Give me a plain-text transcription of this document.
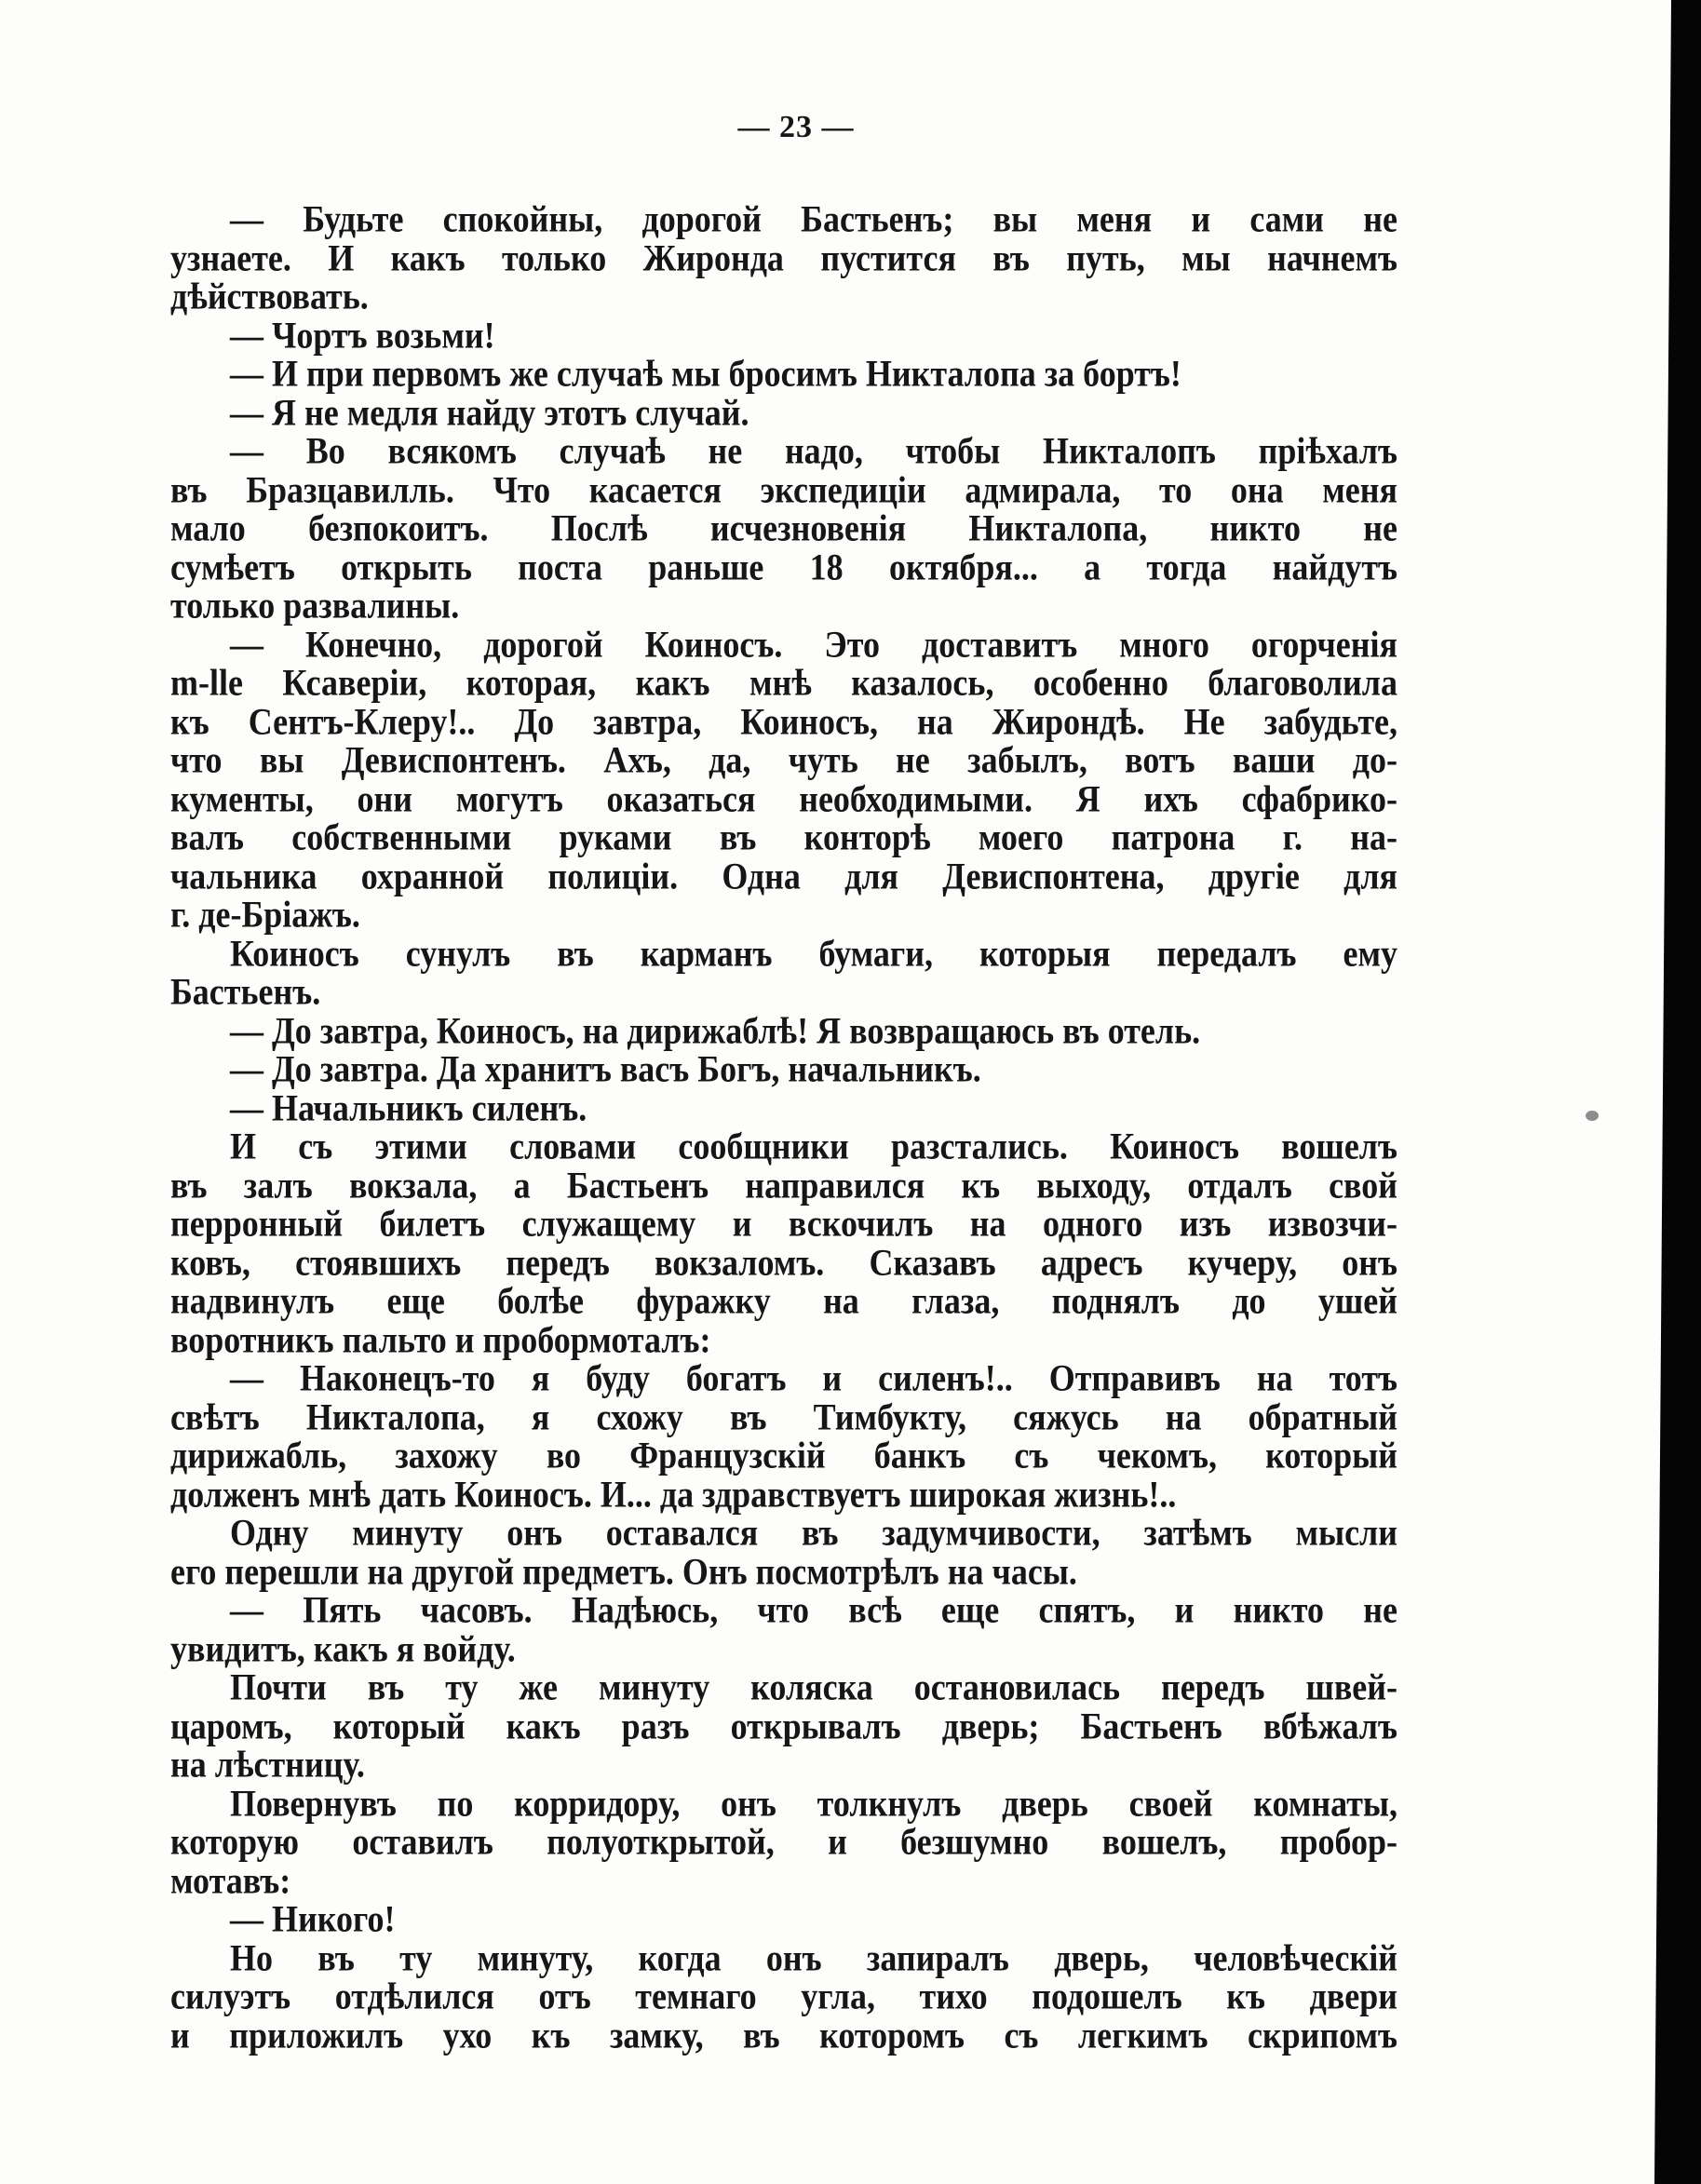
— 23 —
— Будьте спокойны, дорогой Бастьенъ; вы меня и сами не
узнаете. И какъ только Жиронда пустится въ путь, мы начнемъ
дѣйствовать.
— Чортъ возьми!
— И при первомъ же случаѣ мы бросимъ Никталопа за бортъ!
— Я не медля найду этотъ случай.
— Во всякомъ случаѣ не надо, чтобы Никталопъ пріѣхалъ
въ Бразцавилль. Что касается экспедиціи адмирала, то она меня
мало безпокоитъ. Послѣ исчезновенія Никталопа, никто не
сумѣетъ открыть поста раньше 18 октября... а тогда найдутъ
только развалины.
— Конечно, дорогой Коиносъ. Это доставитъ много огорченія
m-lle Ксаверіи, которая, какъ мнѣ казалось, особенно благоволила
къ Сентъ-Клеру!.. До завтра, Коиносъ, на Жирондѣ. Не забудьте,
что вы Девиспонтенъ. Ахъ, да, чуть не забылъ, вотъ ваши до-
кументы, они могутъ оказаться необходимыми. Я ихъ сфабрико-
валъ собственными руками въ конторѣ моего патрона г. на-
чальника охранной полиціи. Одна для Девиспонтена, другіе для
г. де-Бріажъ.
Коиносъ сунулъ въ карманъ бумаги, которыя передалъ ему
Бастьенъ.
— До завтра, Коиносъ, на дирижаблѣ! Я возвращаюсь въ отель.
— До завтра. Да хранитъ васъ Богъ, начальникъ.
— Начальникъ силенъ.
И съ этими словами сообщники разстались. Коиносъ вошелъ
въ залъ вокзала, а Бастьенъ направился къ выходу, отдалъ свой
перронный билетъ служащему и вскочилъ на одного изъ извозчи-
ковъ, стоявшихъ передъ вокзаломъ. Сказавъ адресъ кучеру, онъ
надвинулъ еще болѣе фуражку на глаза, поднялъ до ушей
воротникъ пальто и пробормоталъ:
— Наконецъ-то я буду богатъ и силенъ!.. Отправивъ на тотъ
свѣтъ Никталопа, я схожу въ Тимбукту, сяжусь на обратный
дирижабль, захожу во Французскій банкъ съ чекомъ, который
долженъ мнѣ дать Коиносъ. И... да здравствуетъ широкая жизнь!..
Одну минуту онъ оставался въ задумчивости, затѣмъ мысли
его перешли на другой предметъ. Онъ посмотрѣлъ на часы.
— Пять часовъ. Надѣюсь, что всѣ еще спятъ, и никто не
увидитъ, какъ я войду.
Почти въ ту же минуту коляска остановилась передъ швей-
царомъ, который какъ разъ открывалъ дверь; Бастьенъ вбѣжалъ
на лѣстницу.
Повернувъ по корридору, онъ толкнулъ дверь своей комнаты,
которую оставилъ полуоткрытой, и безшумно вошелъ, пробор-
мотавъ:
— Никого!
Но въ ту минуту, когда онъ запиралъ дверь, человѣческій
силуэтъ отдѣлился отъ темнаго угла, тихо подошелъ къ двери
и приложилъ ухо къ замку, въ которомъ съ легкимъ скрипомъ
